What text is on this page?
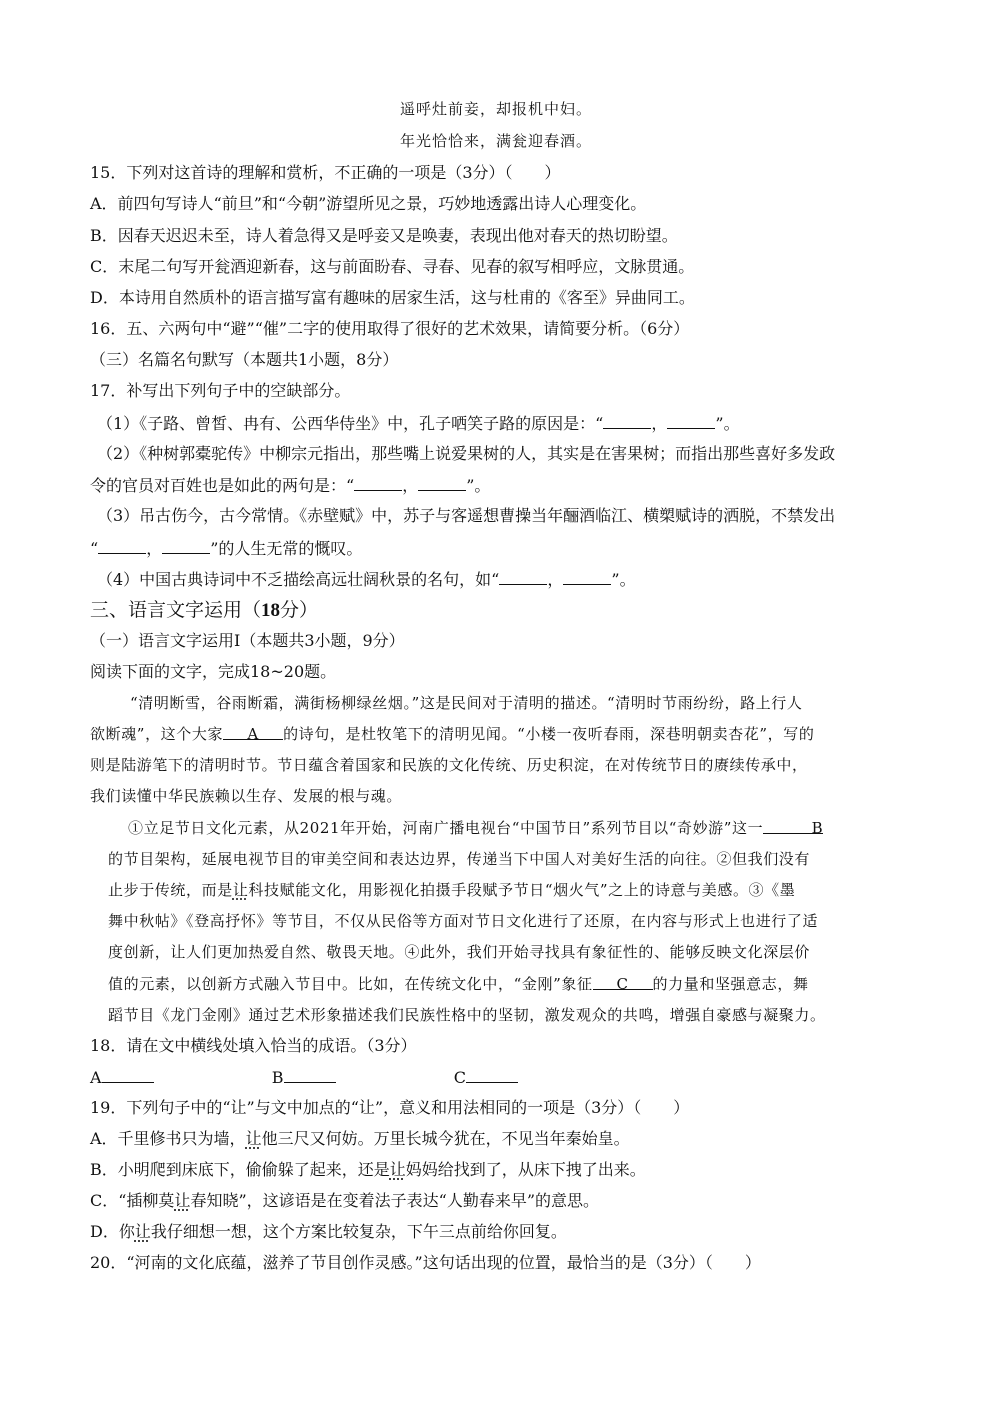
遥呼灶前妾，却报机中妇。
年光恰恰来，满瓮迎春酒。
15．下列对这首诗的理解和赏析，不正确的一项是（3分）（　　）
A．前四句写诗人“前旦”和“今朝”游望所见之景，巧妙地透露出诗人心理变化。
B．因春天迟迟未至，诗人着急得又是呼妾又是唤妻，表现出他对春天的热切盼望。
C．末尾二句写开瓮酒迎新春，这与前面盼春、寻春、见春的叙写相呼应，文脉贯通。
D．本诗用自然质朴的语言描写富有趣味的居家生活，这与杜甫的《客至》异曲同工。
16．五、六两句中“避”“催”二字的使用取得了很好的艺术效果，请简要分析。（6分）
（三）名篇名句默写（本题共1小题，8分）
17．补写出下列句子中的空缺部分。
（1）《子路、曾皙、冉有、公西华侍坐》中，孔子哂笑子路的原因是：“	，	”。
（2）《种树郭橐驼传》中柳宗元指出，那些嘴上说爱果树的人，其实是在害果树；而指出那些喜好多发政
令的官员对百姓也是如此的两句是：“	，	”。
（3）吊古伤今，古今常情。《赤壁赋》中，苏子与客遥想曹操当年酾酒临江、横槊赋诗的洒脱，不禁发出
“	，	”的人生无常的慨叹。
（4）中国古典诗词中不乏描绘高远壮阔秋景的名句，如“	，	”。
三、语言文字运用（18分）
（一）语言文字运用Ⅰ（本题共3小题，9分）
阅读下面的文字，完成18~20题。
“清明断雪，谷雨断霜，满街杨柳绿丝烟。”这是民间对于清明的描述。“清明时节雨纷纷，路上行人
欲断魂”，这个大家 A 的诗句，是杜牧笔下的清明见闻。“小楼一夜听春雨，深巷明朝卖杏花”，写的
则是陆游笔下的清明时节。节日蕴含着国家和民族的文化传统、历史积淀，在对传统节日的赓续传承中，
我们读懂中华民族赖以生存、发展的根与魂。
①立足节日文化元素，从2021年开始，河南广播电视台“中国节日”系列节目以“奇妙游”这一	B
的节目架构，延展电视节目的审美空间和表达边界，传递当下中国人对美好生活的向往。②但我们没有
止步于传统，而是让科技赋能文化，用影视化拍摄手段赋予节日“烟火气”之上的诗意与美感。③《墨
舞中秋帖》《登高抒怀》等节目，不仅从民俗等方面对节日文化进行了还原，在内容与形式上也进行了适
度创新，让人们更加热爱自然、敬畏天地。④此外，我们开始寻找具有象征性的、能够反映文化深层价
值的元素，以创新方式融入节目中。比如，在传统文化中，“金刚”象征 C 的力量和坚强意志，舞
蹈节目《龙门金刚》通过艺术形象描述我们民族性格中的坚韧，激发观众的共鸣，增强自豪感与凝聚力。
18．请在文中横线处填入恰当的成语。（3分）
A	B	C
19．下列句子中的“让”与文中加点的“让”，意义和用法相同的一项是（3分）（　　）
A．千里修书只为墙，让他三尺又何妨。万里长城今犹在，不见当年秦始皇。
B．小明爬到床底下，偷偷躲了起来，还是让妈妈给找到了，从床下拽了出来。
C．“插柳莫让春知晓”，这谚语是在变着法子表达“人勤春来早”的意思。
D．你让我仔细想一想，这个方案比较复杂，下午三点前给你回复。
20．“河南的文化底蕴，滋养了节目创作灵感。”这句话出现的位置，最恰当的是（3分）（　　）
